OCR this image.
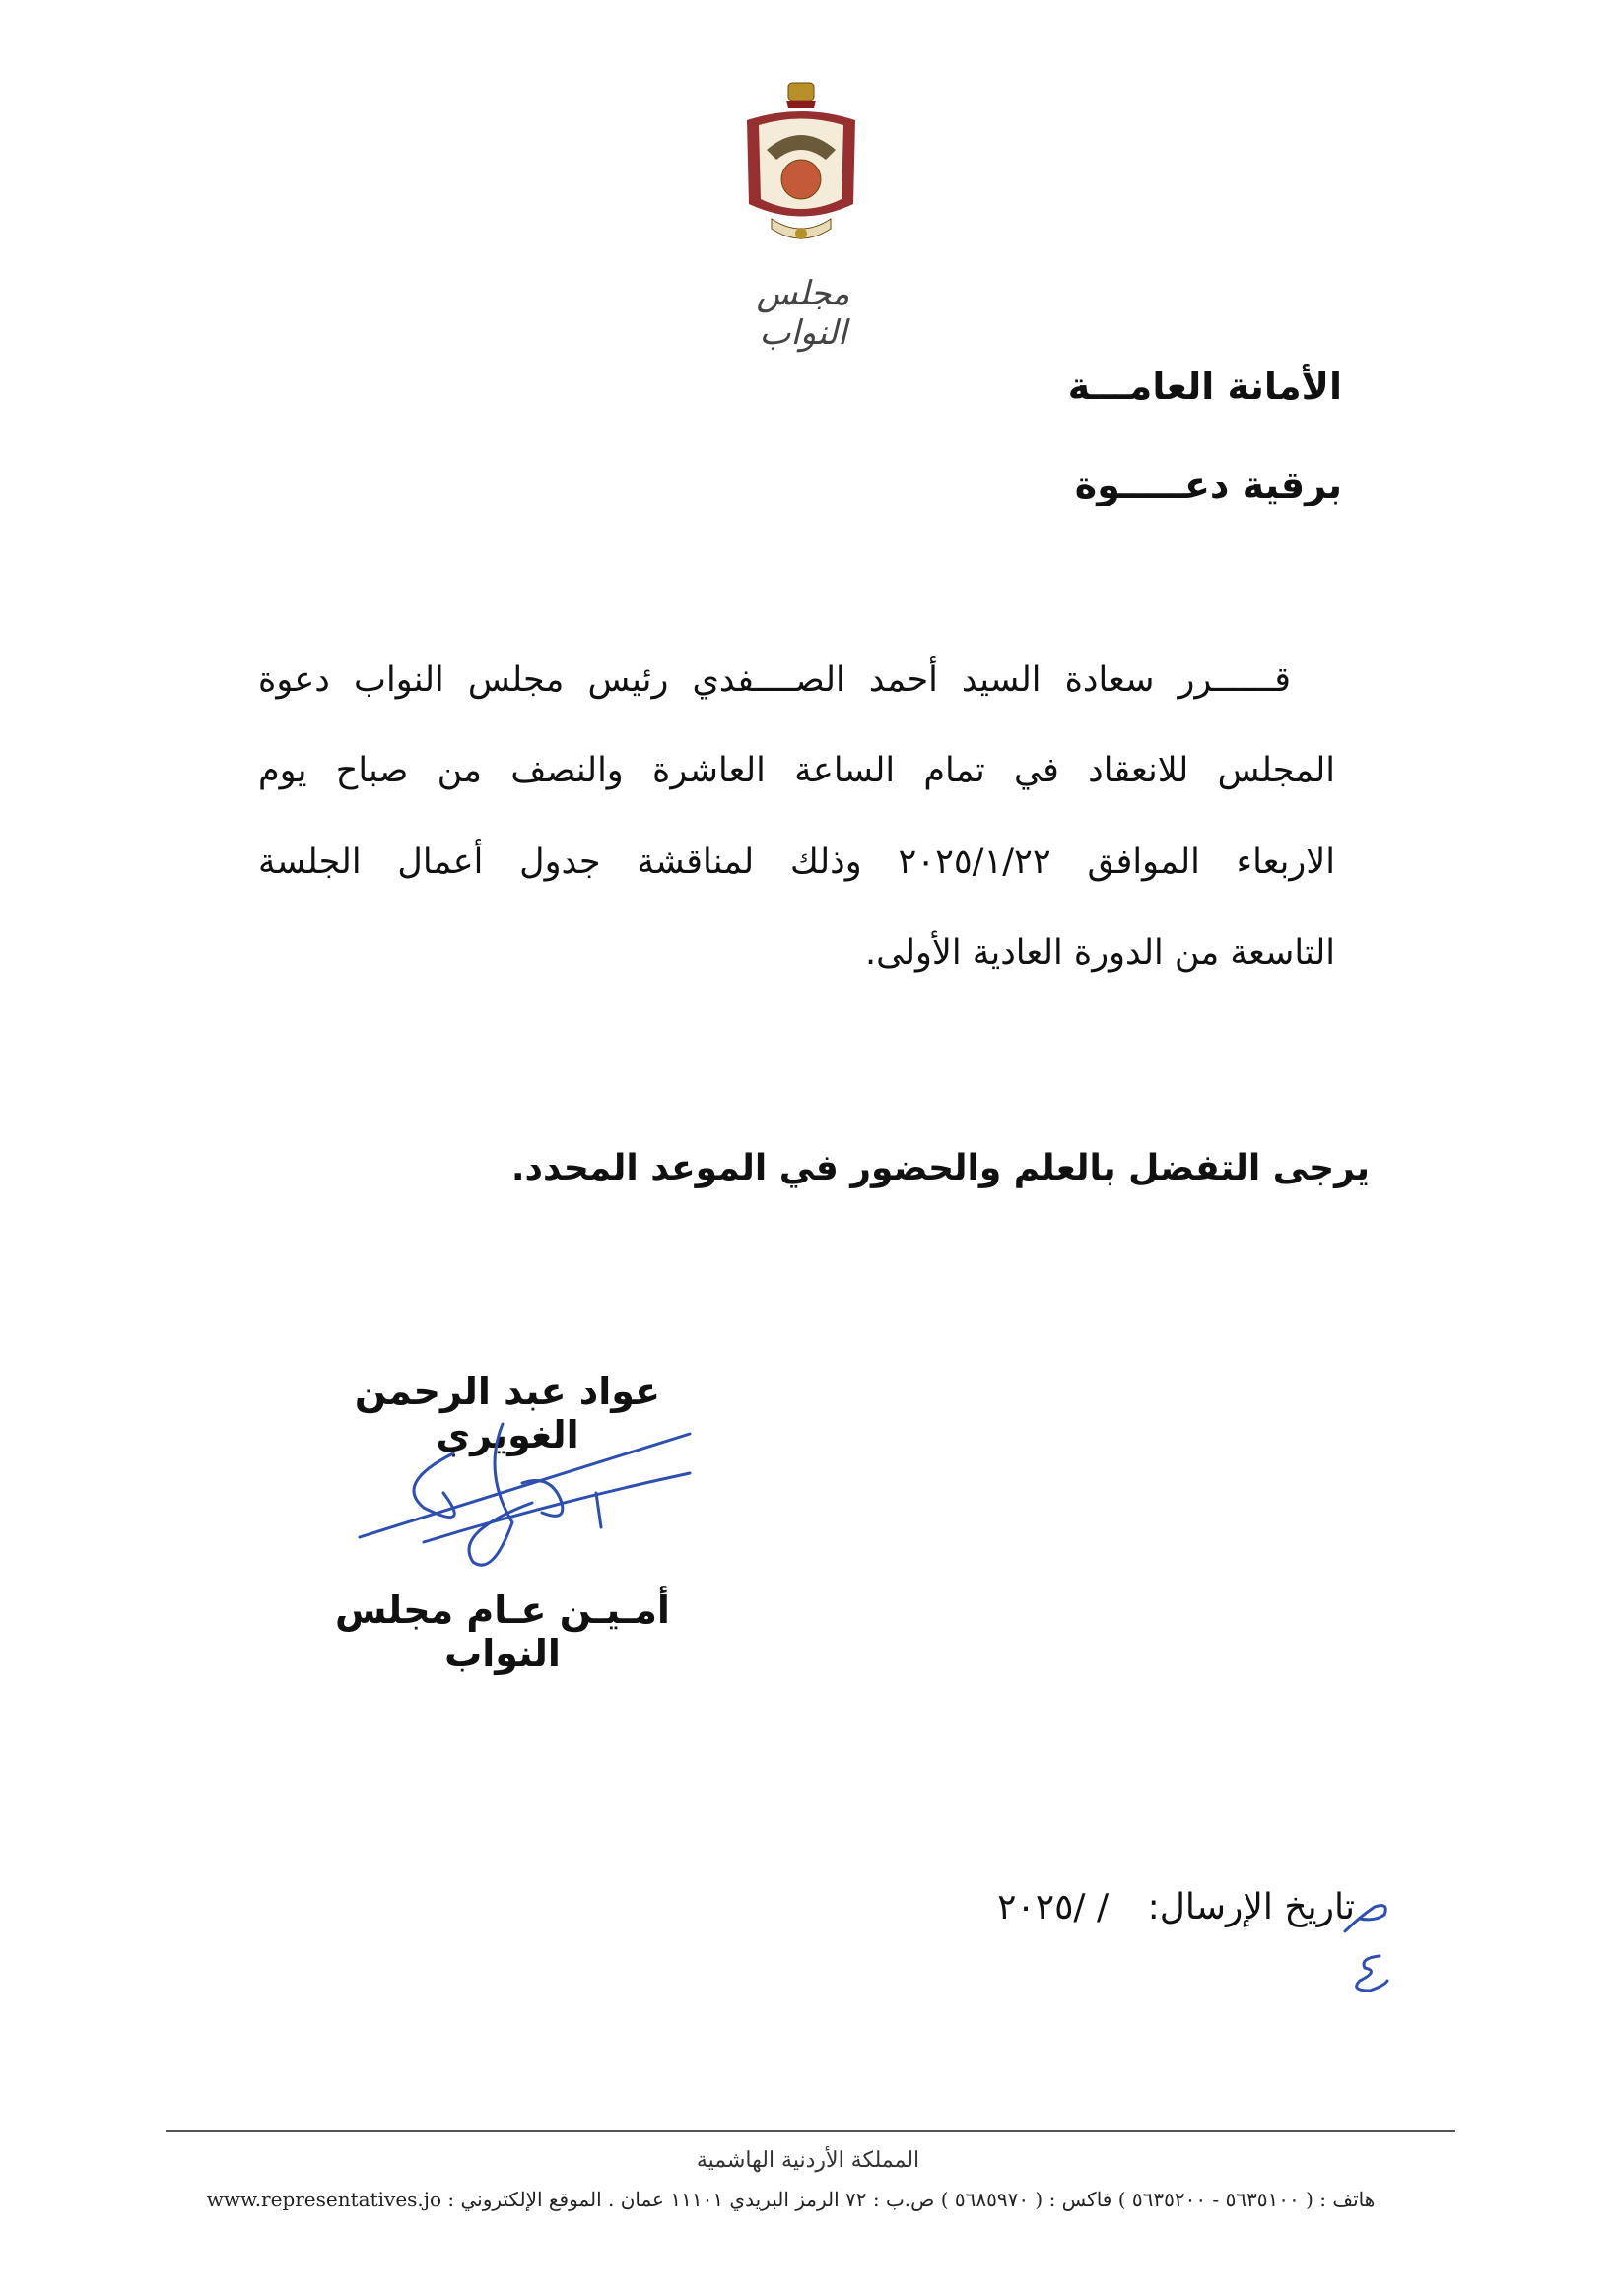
مجلس النواب
الأمانة العامـــة
برقية دعـــــوة
قــــــرر سعادة السيد أحمد الصــــفدي رئيس مجلس النواب دعوة
المجلس للانعقاد في تمام الساعة العاشرة والنصف من صباح يوم
الاربعاء الموافق ٢٠٢٥/١/٢٢ وذلك لمناقشة جدول أعمال الجلسة
التاسعة من الدورة العادية الأولى.
يرجى التفضل بالعلم والحضور في الموعد المحدد.
عواد عبد الرحمن الغويري
أمـيـن عـام مجلس النواب
تاريخ الإرسال: / /٢٠٢٥
المملكة الأردنية الهاشمية
هاتف : ( ٥٦٣٥١٠٠ - ٥٦٣٥٢٠٠ ) فاكس : ( ٥٦٨٥٩٧٠ ) ص.ب : ٧٢ الرمز البريدي ١١١٠١ عمان . الموقع الإلكتروني : www.representatives.jo
